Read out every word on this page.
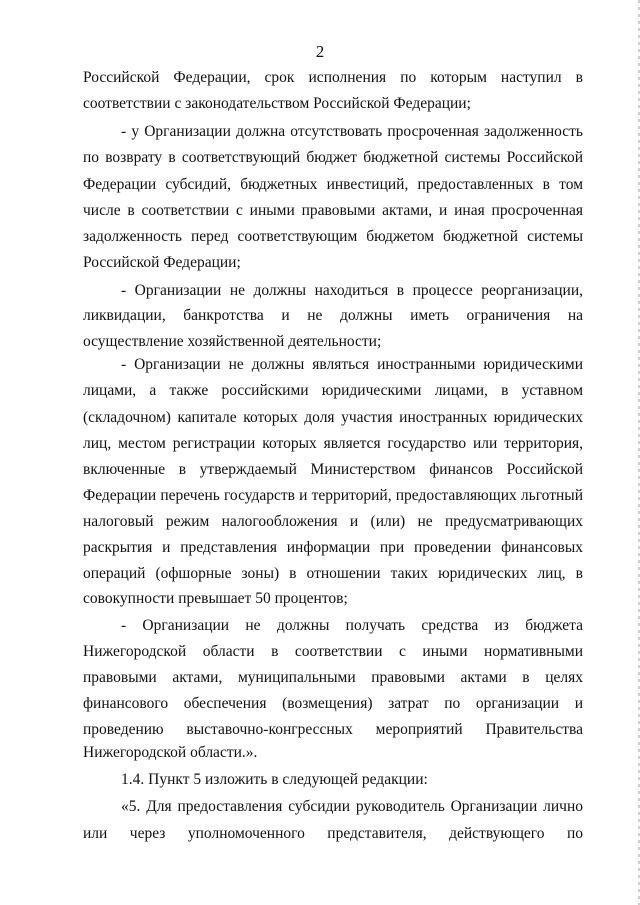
2
Российской Федерации, срок исполнения по которым наступил в
соответствии с законодательством Российской Федерации;
- у Организации должна отсутствовать просроченная задолженность
по возврату в соответствующий бюджет бюджетной системы Российской
Федерации субсидий, бюджетных инвестиций, предоставленных в том
числе в соответствии с иными правовыми актами, и иная просроченная
задолженность перед соответствующим бюджетом бюджетной системы
Российской Федерации;
- Организации не должны находиться в процессе реорганизации,
ликвидации, банкротства и не должны иметь ограничения на
осуществление хозяйственной деятельности;
- Организации не должны являться иностранными юридическими
лицами, а также российскими юридическими лицами, в уставном
(складочном) капитале которых доля участия иностранных юридических
лиц, местом регистрации которых является государство или территория,
включенные в утверждаемый Министерством финансов Российской
Федерации перечень государств и территорий, предоставляющих льготный
налоговый режим налогообложения и (или) не предусматривающих
раскрытия и представления информации при проведении финансовых
операций (офшорные зоны) в отношении таких юридических лиц, в
совокупности превышает 50 процентов;
- Организации не должны получать средства из бюджета
Нижегородской области в соответствии с иными нормативными
правовыми актами, муниципальными правовыми актами в целях
финансового обеспечения (возмещения) затрат по организации и
проведению выставочно-конгрессных мероприятий Правительства
Нижегородской области.».
1.4. Пункт 5 изложить в следующей редакции:
«5. Для предоставления субсидии руководитель Организации лично
или через уполномоченного представителя, действующего по
